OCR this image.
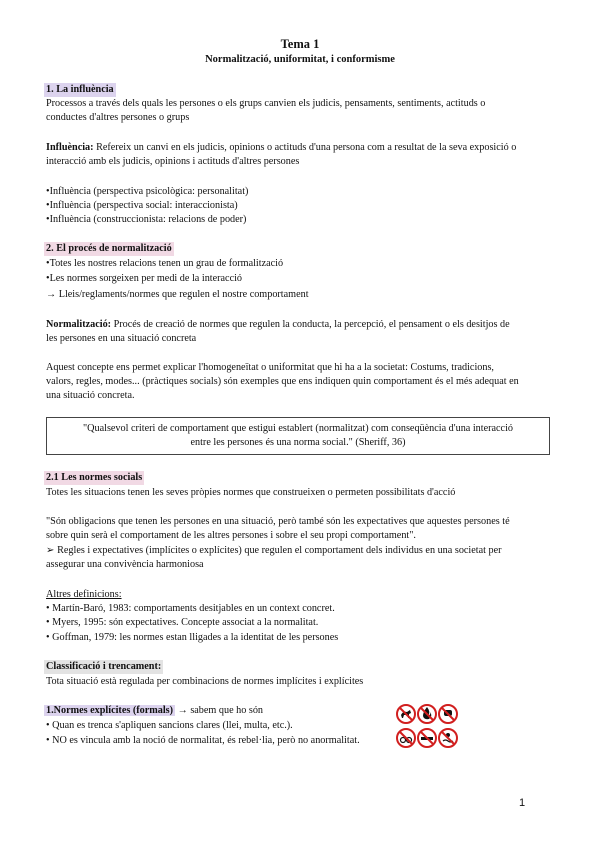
Tema 1
Normalització, uniformitat, i conformisme
1. La influència
Processos a través dels quals les persones o els grups canvien els judicis, pensaments, sentiments, actituds o
conductes d'altres persones o grups
Influència: Refereix un canvi en els judicis, opinions o actituds d'una persona com a resultat de la seva exposició o
interacció amb els judicis, opinions i actituds d'altres persones
•Influència (perspectiva psicològica: personalitat)
•Influència (perspectiva social: interaccionista)
•Influència (construccionista: relacions de poder)
2. El procés de normalització
•Totes les nostres relacions tenen un grau de formalització
•Les normes sorgeixen per medi de la interacció
→ Lleis/reglaments/normes que regulen el nostre comportament
Normalització: Procés de creació de normes que regulen la conducta, la percepció, el pensament o els desitjos de
les persones en una situació concreta
Aquest concepte ens permet explicar l'homogeneïtat o uniformitat que hi ha a la societat: Costums, tradicions,
valors, regles, modes... (pràctiques socials) són exemples que ens indiquen quin comportament és el més adequat en
una situació concreta.
"Qualsevol criteri de comportament que estigui establert (normalitzat) com conseqüència d'una interacció
entre les persones és una norma social." (Sheriff, 36)
2.1 Les normes socials
Totes les situacions tenen les seves pròpies normes que construeixen o permeten possibilitats d'acció
"Són obligacions que tenen les persones en una situació, però també són les expectatives que aquestes persones té
sobre quin serà el comportament de les altres persones i sobre el seu propi comportament".
➢ Regles i expectatives (implícites o explícites) que regulen el comportament dels individus en una societat per
assegurar una convivència harmoniosa
Altres definicions:
• Martín-Baró, 1983: comportaments desitjables en un context concret.
• Myers, 1995: són expectatives. Concepte associat a la normalitat.
• Goffman, 1979: les normes estan lligades a la identitat de les persones
Classificació i trencament:
Tota situació està regulada per combinacions de normes implícites i explícites
1.Normes explícites (formals) → sabem que ho són
• Quan es trenca s'apliquen sancions clares (llei, multa, etc.).
• NO es vincula amb la noció de normalitat, és rebel·lia, però no anormalitat.
1
